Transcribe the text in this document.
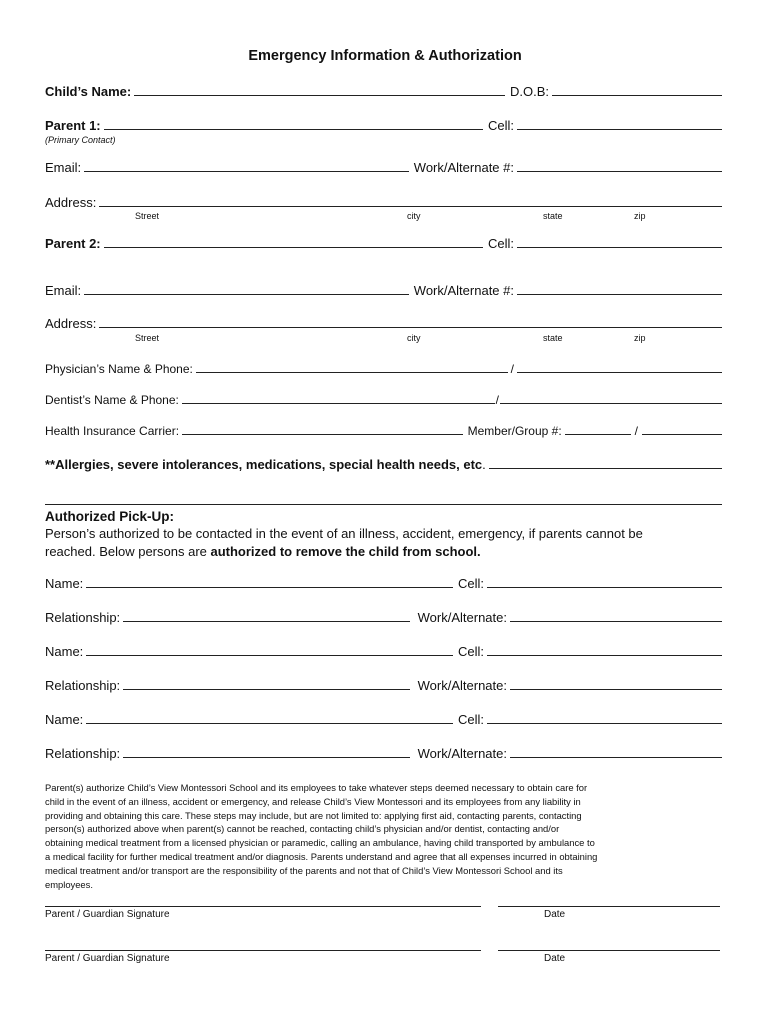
Emergency Information & Authorization
Child’s Name:	D.O.B:
Parent 1:	Cell:
(Primary Contact)
Email:	Work/Alternate #:
Address:
Street	city	state	zip
Parent 2:	Cell:
Email:	Work/Alternate #:
Address:
Street	city	state	zip
Physician’s Name & Phone:	/
Dentist’s Name & Phone:	/
Health Insurance Carrier:	Member/Group #:	/
**Allergies, severe intolerances, medications, special health needs, etc .
Authorized Pick-Up:
Person’s authorized to be contacted in the event of an illness, accident, emergency, if parents cannot be
reached. Below persons are authorized to remove the child from school.
Name:	Cell:
Relationship:	Work/Alternate:
Name:	Cell:
Relationship:	Work/Alternate:
Name:	Cell:
Relationship:	Work/Alternate:
Parent(s) authorize Child’s View Montessori School and its employees to take whatever steps deemed necessary to obtain care for
child in the event of an illness, accident or emergency, and release Child’s View Montessori and its employees from any liability in
providing and obtaining this care. These steps may include, but are not limited to: applying first aid, contacting parents, contacting
person(s) authorized above when parent(s) cannot be reached, contacting child’s physician and/or dentist, contacting and/or
obtaining medical treatment from a licensed physician or paramedic, calling an ambulance, having child transported by ambulance to
a medical facility for further medical treatment and/or diagnosis. Parents understand and agree that all expenses incurred in obtaining
medical treatment and/or transport are the responsibility of the parents and not that of Child’s View Montessori School and its
employees.
Parent / Guardian Signature	Date
Parent / Guardian Signature	Date
